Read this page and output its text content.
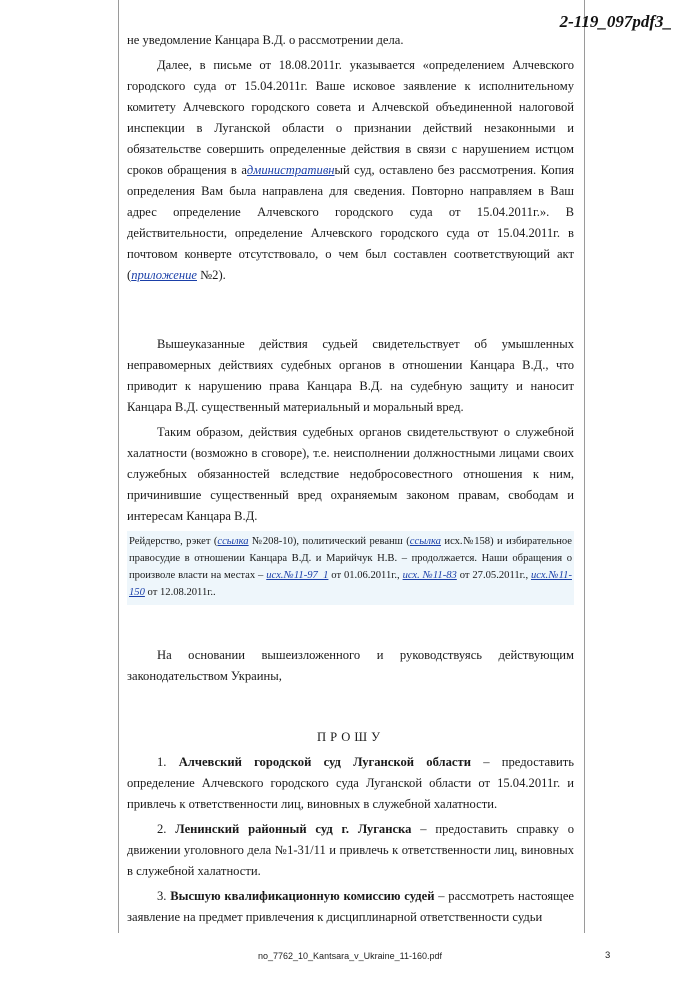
2-119_097pdf3_

не уведомление Канцара В.Д. о рассмотрении дела.

Далее, в письме от 18.08.2011г. указывается «определением Алчевского городского суда от 15.04.2011г. Ваше исковое заявление к исполнительному комитету Алчевского городского совета и Алчевской объединенной налоговой инспекции в Луганской области о признании действий незаконными и обязательстве совершить определенные действия в связи с нарушением истцом сроков обращения в административный суд, оставлено без рассмотрения. Копия определения Вам была направлена для сведения. Повторно направляем в Ваш адрес определение Алчевского городского суда от 15.04.2011г.». В действительности, определение Алчевского городского суда от 15.04.2011г. в почтовом конверте отсутствовало, о чем был составлен соответствующий акт (приложение №2).

Вышеуказанные действия судьей свидетельствует об умышленных неправомерных действиях судебных органов в отношении Канцара В.Д., что приводит к нарушению права Канцара В.Д. на судебную защиту и наносит Канцара В.Д. существенный материальный и моральный вред.

Таким образом, действия судебных органов свидетельствуют о служебной халатности (возможно в сговоре), т.е. неисполнении должностными лицами своих служебных обязанностей вследствие недобросовестного отношения к ним, причинившие существенный вред охраняемым законом правам, свободам и интересам Канцара В.Д.

Рейдерство, рэкет (ссылка №208-10), политический реванш (ссылка исх.№158) и избирательное правосудие в отношении Канцара В.Д. и Марийчук Н.В. – продолжается. Наши обращения о произволе власти на местах – исх.№11-97_1 от 01.06.2011г., исх. №11-83 от 27.05.2011г., исх.№11-150 от 12.08.2011г..

На основании вышеизложенного и руководствуясь действующим законодательством Украины,

ПРОШУ

1. Алчевский городской суд Луганской области – предоставить определение Алчевского городского суда Луганской области от 15.04.2011г. и привлечь к ответственности лиц, виновных в служебной халатности.

2. Ленинский районный суд г. Луганска – предоставить справку о движении уголовного дела №1-31/11 и привлечь к ответственности лиц, виновных в служебной халатности.

3. Высшую квалификационную комиссию судей – рассмотреть настоящее заявление на предмет привлечения к дисциплинарной ответственности судьи

no_7762_10_Kantsara_v_Ukraine_11-160.pdf	3
